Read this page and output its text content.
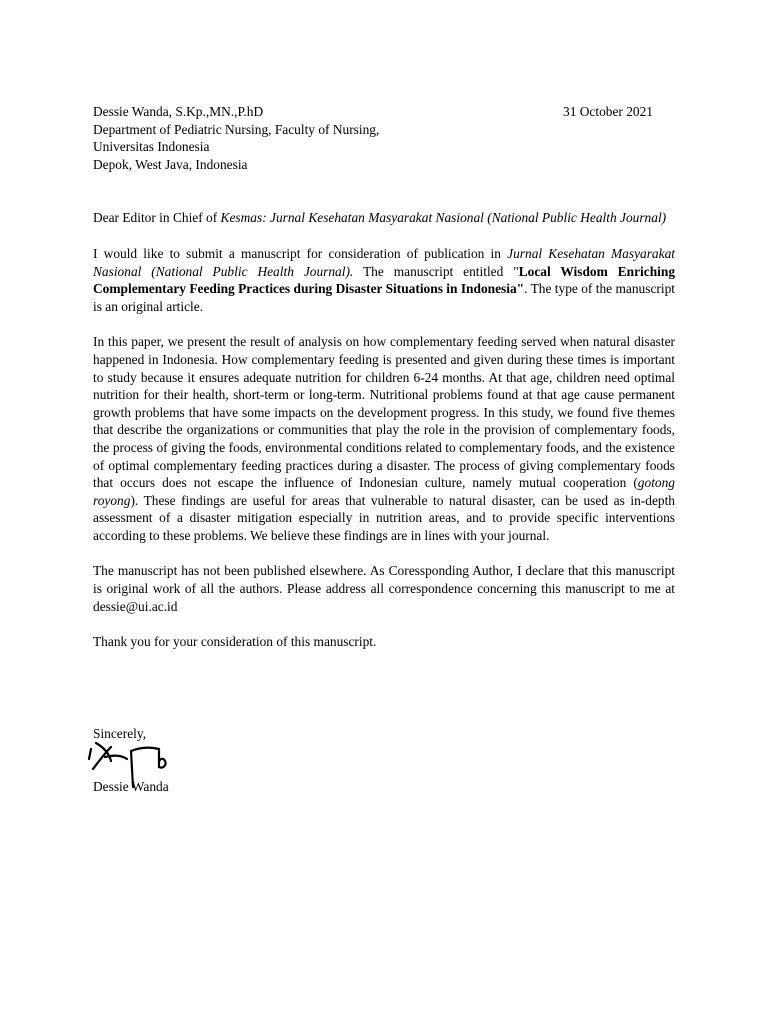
Dessie Wanda, S.Kp.,MN.,P.hD	31 October 2021
Department of Pediatric Nursing, Faculty of Nursing,
Universitas Indonesia
Depok, West Java, Indonesia
Dear Editor in Chief of Kesmas: Jurnal Kesehatan Masyarakat Nasional (National Public Health Journal)
I would like to submit a manuscript for consideration of publication in Jurnal Kesehatan Masyarakat Nasional (National Public Health Journal). The manuscript entitled "Local Wisdom Enriching Complementary Feeding Practices during Disaster Situations in Indonesia". The type of the manuscript is an original article.
In this paper, we present the result of analysis on how complementary feeding served when natural disaster happened in Indonesia. How complementary feeding is presented and given during these times is important to study because it ensures adequate nutrition for children 6-24 months. At that age, children need optimal nutrition for their health, short-term or long-term. Nutritional problems found at that age cause permanent growth problems that have some impacts on the development progress. In this study, we found five themes that describe the organizations or communities that play the role in the provision of complementary foods, the process of giving the foods, environmental conditions related to complementary foods, and the existence of optimal complementary feeding practices during a disaster. The process of giving complementary foods that occurs does not escape the influence of Indonesian culture, namely mutual cooperation (gotong royong). These findings are useful for areas that vulnerable to natural disaster, can be used as in-depth assessment of a disaster mitigation especially in nutrition areas, and to provide specific interventions according to these problems. We believe these findings are in lines with your journal.
The manuscript has not been published elsewhere. As Coressponding Author, I declare that this manuscript is original work of all the authors. Please address all correspondence concerning this manuscript to me at dessie@ui.ac.id
Thank you for your consideration of this manuscript.
Sincerely,
Dessie Wanda
